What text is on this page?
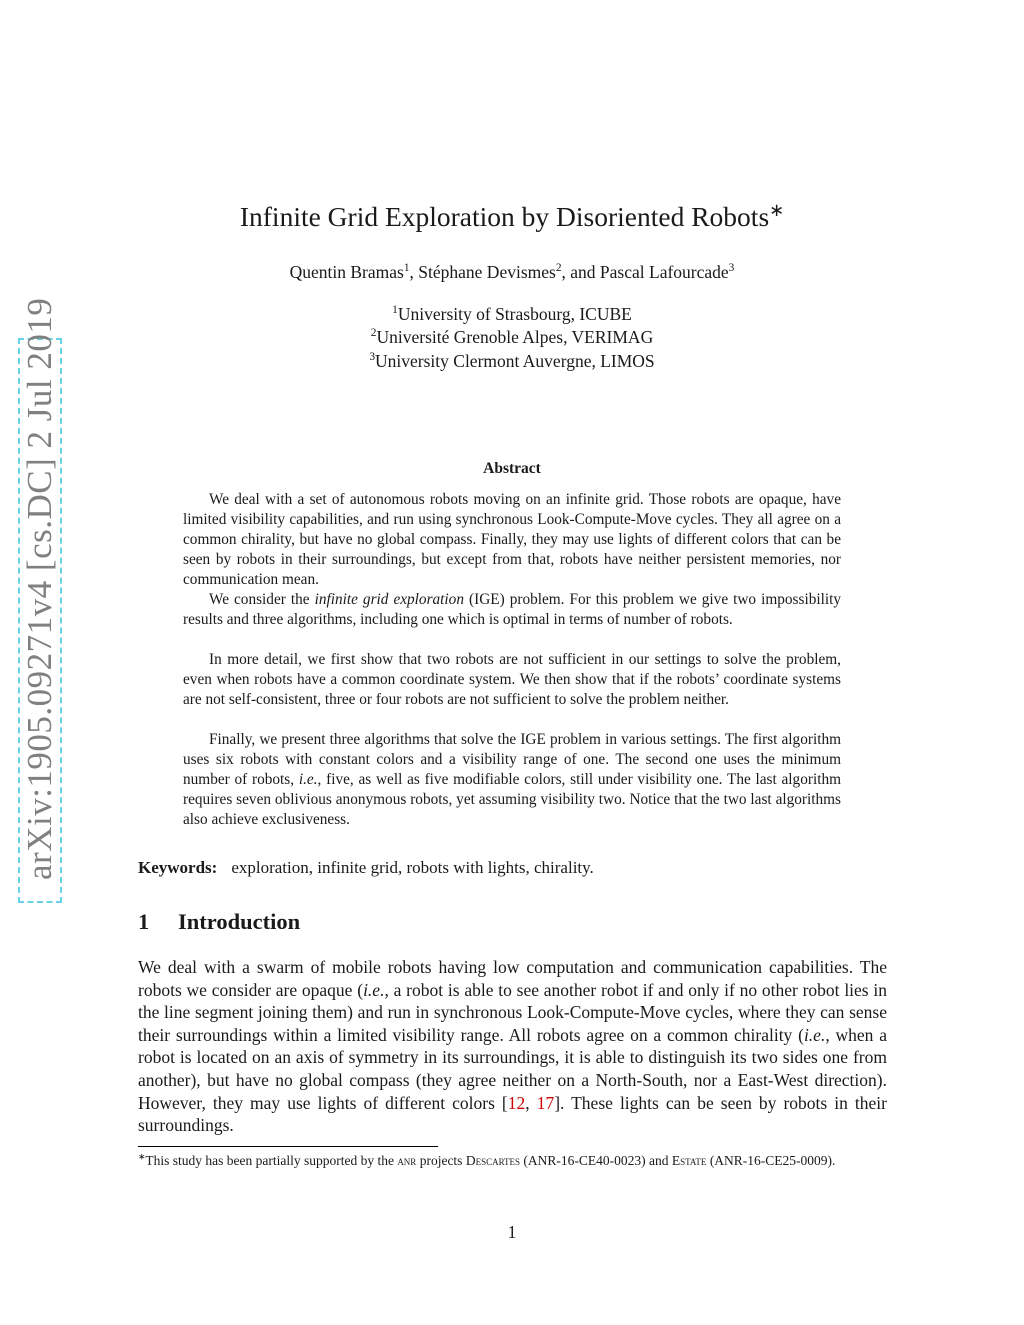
arXiv:1905.09271v4 [cs.DC] 2 Jul 2019
Infinite Grid Exploration by Disoriented Robots∗
Quentin Bramas$^1$, Stéphane Devismes$^2$, and Pascal Lafourcade$^3$
$^1$University of Strasbourg, ICUBE
$^2$Université Grenoble Alpes, VERIMAG
$^3$University Clermont Auvergne, LIMOS
Abstract

We deal with a set of autonomous robots moving on an infinite grid. Those robots are opaque, have limited visibility capabilities, and run using synchronous Look-Compute-Move cycles. They all agree on a common chirality, but have no global compass. Finally, they may use lights of different colors that can be seen by robots in their surroundings, but except from that, robots have neither persistent memories, nor communication mean.

We consider the infinite grid exploration (IGE) problem. For this problem we give two impossibility results and three algorithms, including one which is optimal in terms of number of robots.

In more detail, we first show that two robots are not sufficient in our settings to solve the problem, even when robots have a common coordinate system. We then show that if the robots’ coordinate systems are not self-consistent, three or four robots are not sufficient to solve the problem neither.

Finally, we present three algorithms that solve the IGE problem in various settings. The first algorithm uses six robots with constant colors and a visibility range of one. The second one uses the minimum number of robots, i.e., five, as well as five modifiable colors, still under visibility one. The last algorithm requires seven oblivious anonymous robots, yet assuming visibility two. Notice that the two last algorithms also achieve exclusiveness.

Keywords: exploration, infinite grid, robots with lights, chirality.
1 Introduction

We deal with a swarm of mobile robots having low computation and communication capabilities. The robots we consider are opaque (i.e., a robot is able to see another robot if and only if no other robot lies in the line segment joining them) and run in synchronous Look-Compute-Move cycles, where they can sense their surroundings within a limited visibility range. All robots agree on a common chirality (i.e., when a robot is located on an axis of symmetry in its surroundings, it is able to distinguish its two sides one from another), but have no global compass (they agree neither on a North-South, nor a East-West direction). However, they may use lights of different colors [12, 17]. These lights can be seen by robots in their surroundings.

∗This study has been partially supported by the anr projects Descartes (ANR-16-CE40-0023) and Estate (ANR-16-CE25-0009).

1
